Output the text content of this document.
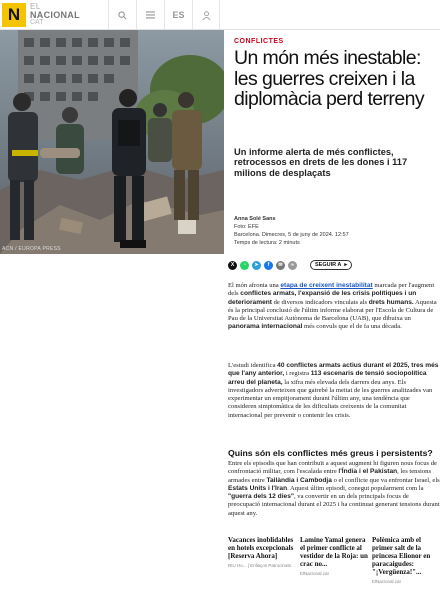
N	EL
NACIONAL
CAT
ES
ACN / EUROPA PRESS
CONFLICTES
Un món més inestable: les guerres creixen i la diplomàcia perd terreny
Un informe alerta de més conflictes, retrocessos en drets de les dones i 117 milions de desplaçats
Anna Solé Sans
Foto: EFE
Barcelona. Dimecres, 5 de juny de 2024. 12:57
Temps de lectura: 2 minuts
X ◔ ➤ f ✉ ∞	SEGUIR A ▸

El món afronta una etapa de creixent inestabilitat marcada per l'augment dels conflictes armats, l'expansió de les crisis polítiques i un deteriorament de diversos indicadors vinculats als drets humans. Aquesta és la principal conclusió de l'últim informe elaborat per l'Escola de Cultura de Pau de la Universitat Autònoma de Barcelona (UAB), que dibuixa un panorama internacional més convuls que el de fa una dècada.

L'estudi identifica 40 conflictes armats actius durant el 2025, tres més que l'any anterior, i registra 113 escenaris de tensió sociopolítica arreu del planeta, la xifra més elevada dels darrers deu anys. Els investigadors adverteixen que gairebé la meitat de les guerres analitzades van experimentar un empitjorament durant l'últim any, una tendència que consideren simptomàtica de les dificultats creixents de la comunitat internacional per prevenir o contenir les crisis.

Quins són els conflictes més greus i persistents?

Entre els episodis que han contribuït a aquest augment hi figuren nous focus de confrontació militar, com l'escalada entre l'Índia i el Pakistan, les tensions armades entre Tailàndia i Cambodja o el conflicte que va enfrontar Israel, els Estats Units i l'Iran. Aquest últim episodi, conegut popularment com la "guerra dels 12 dies", va convertir en un dels principals focus de preocupació internacional durant el 2025 i ha continuat generant tensions durant aquest any.

Vacances inoblidables en hotels excepcionals [Reserva Ahora]
RIU Ho... | Enllaços Patrocinats
Lamine Yamal genera el primer conflicte al vestidor de la Roja: un crac no...
ElNacional.cat
Polèmica amb el primer salt de la princesa Elionor en paracaigudes: "¡Vergüenza!"...
ElNacional.cat
